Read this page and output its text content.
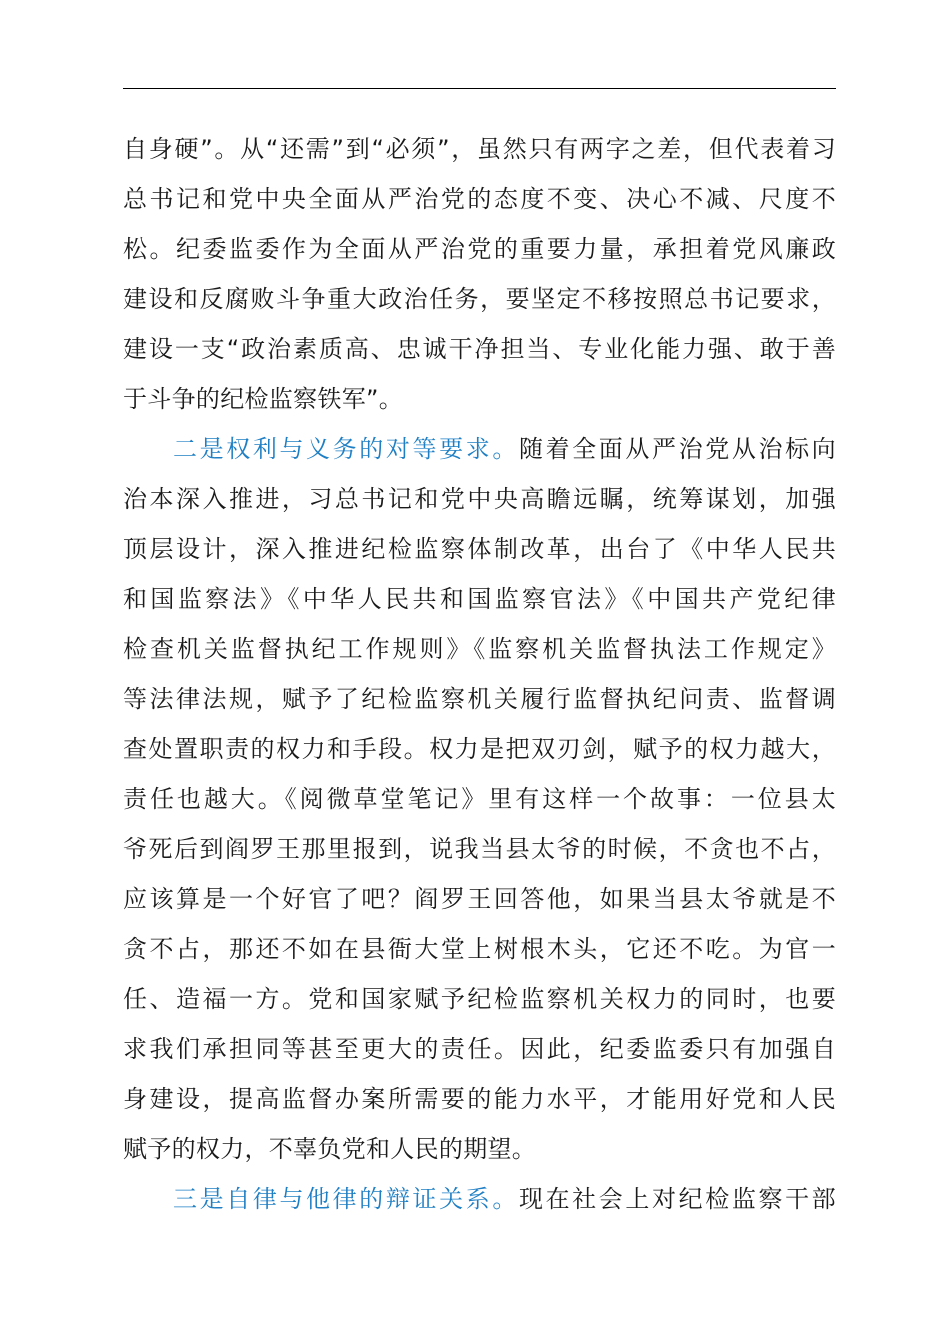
自身硬”。从“还需”到“必须”，虽然只有两字之差，但代表着习
总书记和党中央全面从严治党的态度不变、决心不减、尺度不
松。纪委监委作为全面从严治党的重要力量，承担着党风廉政
建设和反腐败斗争重大政治任务，要坚定不移按照总书记要求，
建设一支“政治素质高、忠诚干净担当、专业化能力强、敢于善
于斗争的纪检监察铁军”。
二是权利与义务的对等要求。随着全面从严治党从治标向
治本深入推进，习总书记和党中央高瞻远瞩，统筹谋划，加强
顶层设计，深入推进纪检监察体制改革，出台了《中华人民共
和国监察法》《中华人民共和国监察官法》《中国共产党纪律
检查机关监督执纪工作规则》《监察机关监督执法工作规定》
等法律法规，赋予了纪检监察机关履行监督执纪问责、监督调
查处置职责的权力和手段。权力是把双刃剑，赋予的权力越大，
责任也越大。《阅微草堂笔记》里有这样一个故事：一位县太
爷死后到阎罗王那里报到，说我当县太爷的时候，不贪也不占，
应该算是一个好官了吧？阎罗王回答他，如果当县太爷就是不
贪不占，那还不如在县衙大堂上树根木头，它还不吃。为官一
任、造福一方。党和国家赋予纪检监察机关权力的同时，也要
求我们承担同等甚至更大的责任。因此，纪委监委只有加强自
身建设，提高监督办案所需要的能力水平，才能用好党和人民
赋予的权力，不辜负党和人民的期望。
三是自律与他律的辩证关系。现在社会上对纪检监察干部
